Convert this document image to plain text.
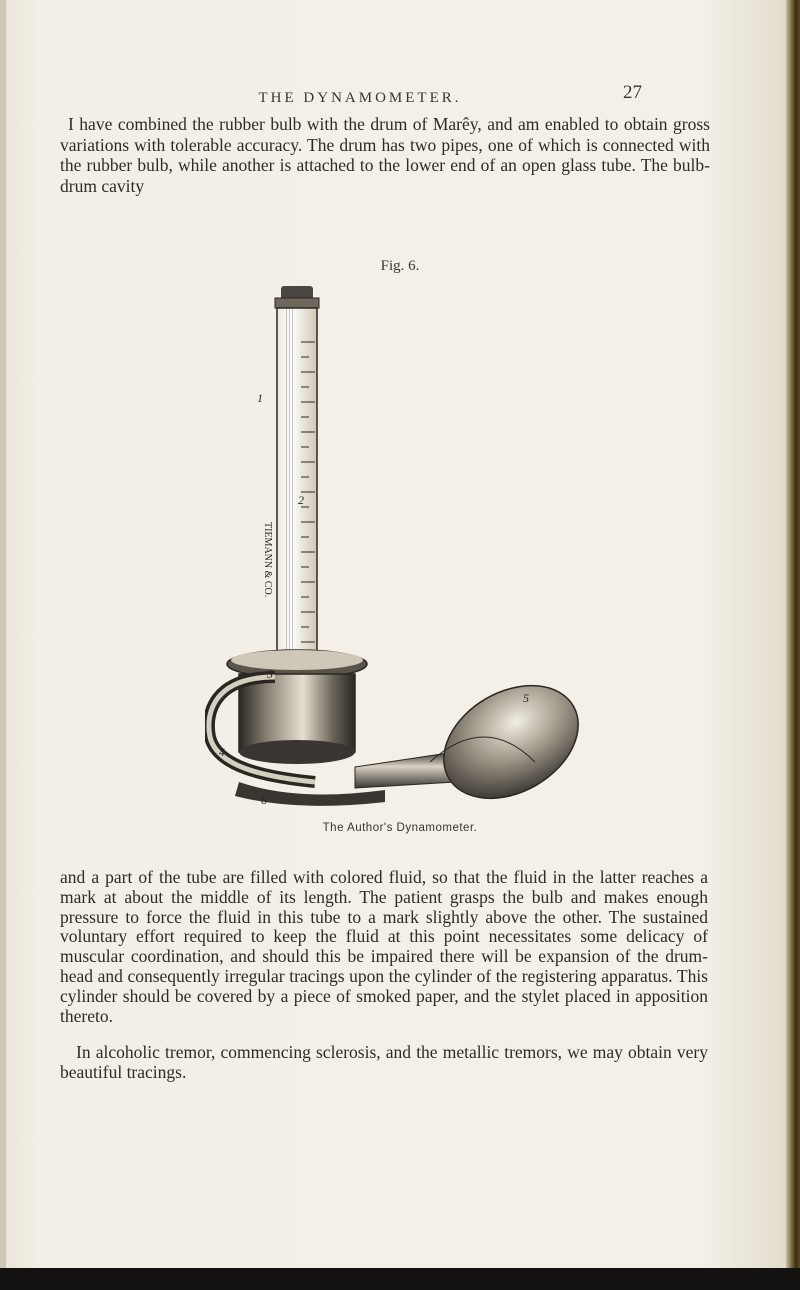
THE DYNAMOMETER.	27

I have combined the rubber bulb with the drum of Marêy, and am enabled to obtain gross variations with tolerable accuracy. The drum has two pipes, one of which is connected with the rubber bulb, while another is attached to the lower end of an open glass tube. The bulb-drum cavity

Fig. 6.
TIEMANN & CO.
1
2
3
4
5
6
The Author's Dynamometer.

and a part of the tube are filled with colored fluid, so that the fluid in the latter reaches a mark at about the middle of its length. The patient grasps the bulb and makes enough pressure to force the fluid in this tube to a mark slightly above the other. The sustained voluntary effort required to keep the fluid at this point necessitates some delicacy of muscular coordination, and should this be impaired there will be expansion of the drum-head and consequently irregular tracings upon the cylinder of the registering apparatus. This cylinder should be covered by a piece of smoked paper, and the stylet placed in apposition thereto.

In alcoholic tremor, commencing sclerosis, and the metallic tremors, we may obtain very beautiful tracings.
